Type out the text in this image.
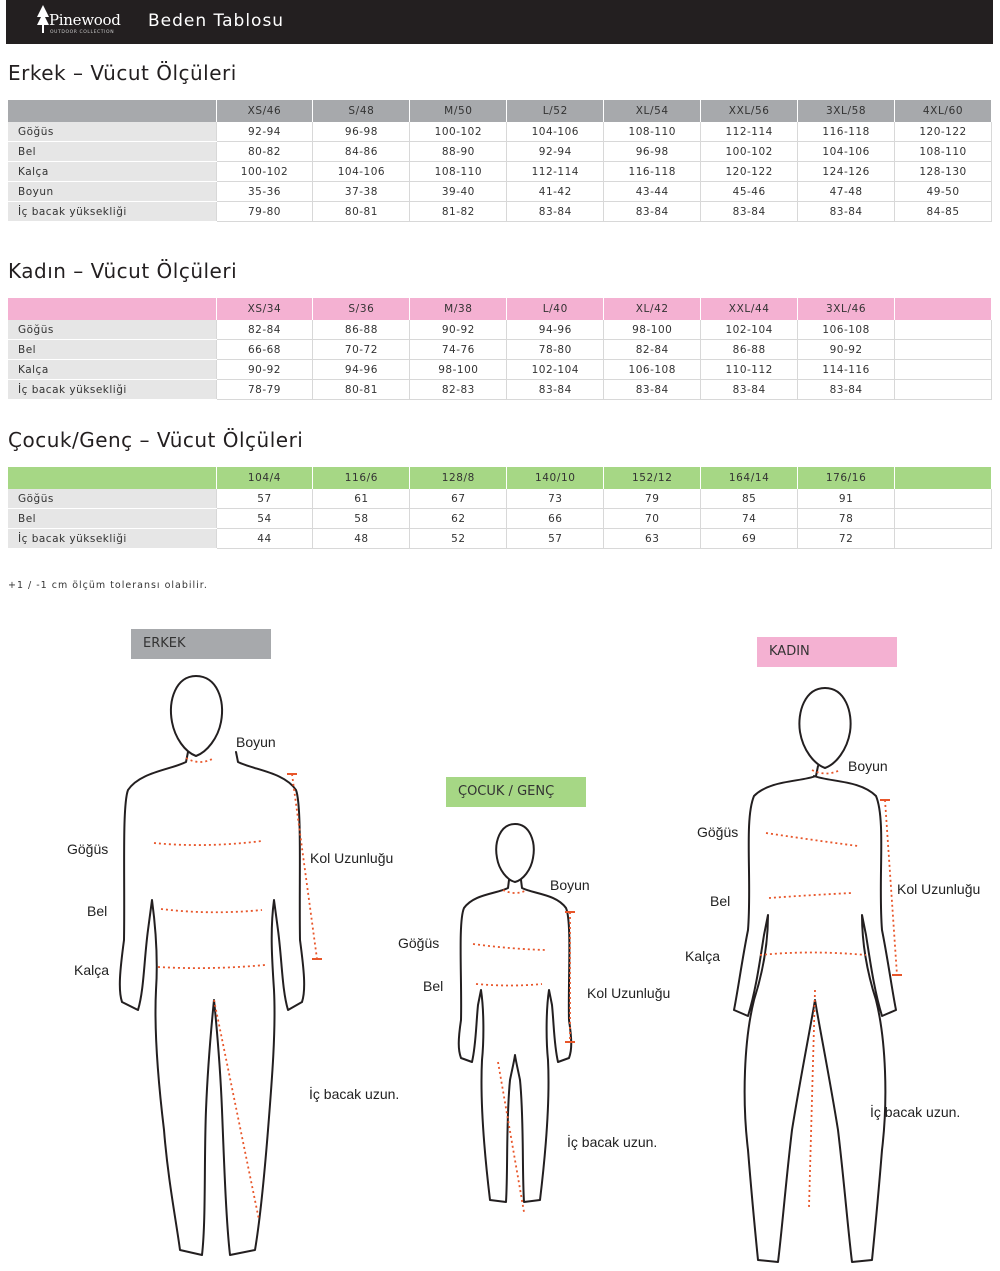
Pinewood
OUTDOOR COLLECTION
Beden Tablosu
Erkek – Vücut Ölçüleri
	XS/46	S/48	M/50	L/52	XL/54	XXL/56	3XL/58	4XL/60
Göğüs	92-94	96-98	100-102	104-106	108-110	112-114	116-118	120-122
Bel	80-82	84-86	88-90	92-94	96-98	100-102	104-106	108-110
Kalça	100-102	104-106	108-110	112-114	116-118	120-122	124-126	128-130
Boyun	35-36	37-38	39-40	41-42	43-44	45-46	47-48	49-50
İç bacak yüksekliği	79-80	80-81	81-82	83-84	83-84	83-84	83-84	84-85
Kadın – Vücut Ölçüleri
	XS/34	S/36	M/38	L/40	XL/42	XXL/44	3XL/46	
Göğüs	82-84	86-88	90-92	94-96	98-100	102-104	106-108	
Bel	66-68	70-72	74-76	78-80	82-84	86-88	90-92	
Kalça	90-92	94-96	98-100	102-104	106-108	110-112	114-116	
İç bacak yüksekliği	78-79	80-81	82-83	83-84	83-84	83-84	83-84	
Çocuk/Genç – Vücut Ölçüleri
	104/4	116/6	128/8	140/10	152/12	164/14	176/16	
Göğüs	57	61	67	73	79	85	91	
Bel	54	58	62	66	70	74	78	
İç bacak yüksekliği	44	48	52	57	63	69	72	
+1 / -1 cm ölçüm toleransı olabilir.
ERKEK
ÇOCUK / GENÇ
KADIN
Boyun
Göğüs
Kol Uzunluğu
Bel
Kalça
İç bacak uzun.
Boyun
Göğüs
Bel	Kol Uzunluğu
İç bacak uzun.
Boyun
Göğüs
Kol Uzunluğu
Bel
Kalça
İç bacak uzun.
